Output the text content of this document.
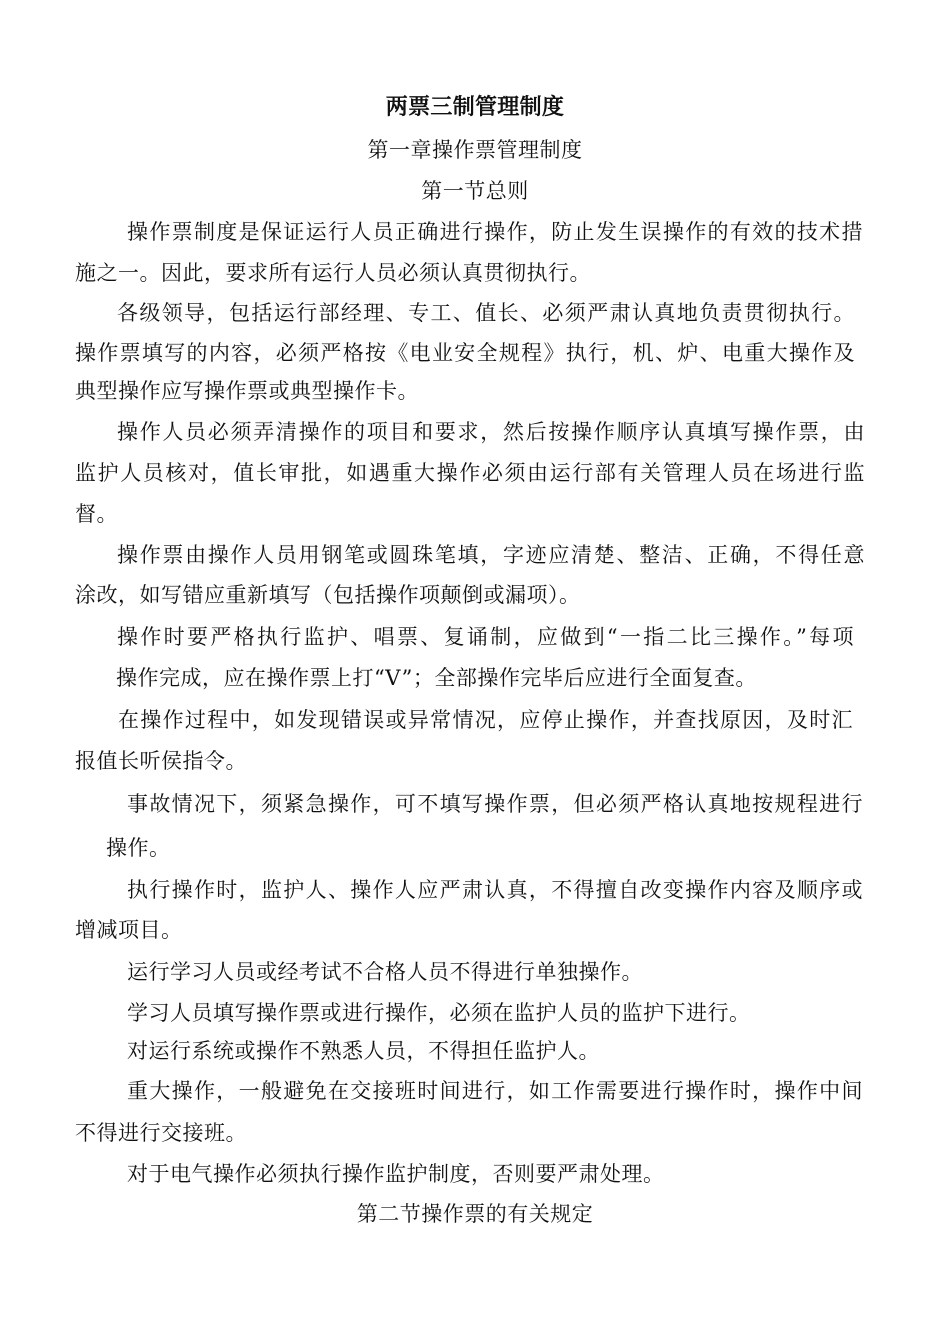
两票三制管理制度
第一章操作票管理制度
第一节总则
操作票制度是保证运行人员正确进行操作，防止发生误操作的有效的技术措
施之一。因此，要求所有运行人员必须认真贯彻执行。
各级领导，包括运行部经理、专工、值长、必须严肃认真地负责贯彻执行。
操作票填写的内容，必须严格按《电业安全规程》执行，机、炉、电重大操作及
典型操作应写操作票或典型操作卡。
操作人员必须弄清操作的项目和要求，然后按操作顺序认真填写操作票，由
监护人员核对，值长审批，如遇重大操作必须由运行部有关管理人员在场进行监
督。
操作票由操作人员用钢笔或圆珠笔填，字迹应清楚、整洁、正确，不得任意
涂改，如写错应重新填写（包括操作项颠倒或漏项）。
操作时要严格执行监护、唱票、复诵制，应做到“一指二比三操作。”每项
操作完成，应在操作票上打“V”；全部操作完毕后应进行全面复查。
在操作过程中，如发现错误或异常情况，应停止操作，并查找原因，及时汇
报值长听侯指令。
事故情况下，须紧急操作，可不填写操作票，但必须严格认真地按规程进行
操作。
执行操作时，监护人、操作人应严肃认真，不得擅自改变操作内容及顺序或
增减项目。
运行学习人员或经考试不合格人员不得进行单独操作。
学习人员填写操作票或进行操作，必须在监护人员的监护下进行。
对运行系统或操作不熟悉人员，不得担任监护人。
重大操作，一般避免在交接班时间进行，如工作需要进行操作时，操作中间
不得进行交接班。
对于电气操作必须执行操作监护制度，否则要严肃处理。
第二节操作票的有关规定
